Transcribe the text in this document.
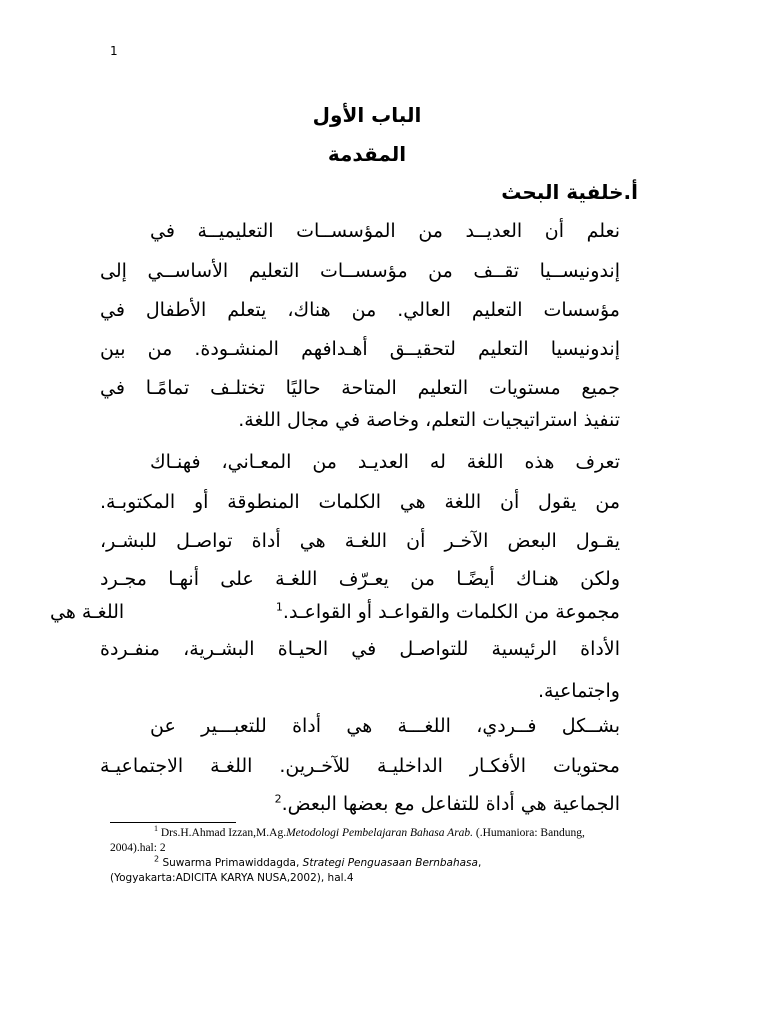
1
الباب الأول
المقدمة
أ.خلفية البحث
نعلم أن العديــد من المؤسســات التعليميــة في
إندونيســيا تقــف من مؤسســات التعليم الأساســي إلى
مؤسسات التعليم العالي. من هناك، يتعلم الأطفال في
إندونيسيا التعليم لتحقيــق أهـدافهم المنشـودة. من بين
جميع مستويات التعليم المتاحة حاليًا تختلـف تمامًـا في
تنفيذ استراتيجيات التعلم، وخاصة في مجال اللغة.
تعرف هذه اللغة له العديـد من المعـاني، فهنـاك
من يقول أن اللغة هي الكلمات المنطوقة أو المكتوبـة.
يقـول البعض الآخـر أن اللغـة هي أداة تواصـل للبشـر،
ولكن هنـاك أيضًـا من يعـرّف اللغـة على أنهـا مجـرد
مجموعة من الكلمات والقواعـد أو القواعـد.$^1$
اللغـة هي
الأداة الرئيسية للتواصـل في الحيـاة البشـرية، منفـردة
واجتماعية.
بشــكل فــردي، اللغـــة هي أداة للتعبـــير عن
محتويات الأفكـار الداخليـة للآخـرين. اللغـة الاجتماعيـة
الجماعية هي أداة للتفاعل مع بعضها البعض.$^2$
$^1$ Drs.H.Ahmad Izzan,M.Ag.Metodologi Pembelajaran Bahasa Arab. (.Humaniora: Bandung, 2004).hal: 2
$^2$ Suwarma Primawiddagda, Strategi Penguasaan Bernbahasa, (Yogyakarta:ADICITA KARYA NUSA,2002), hal.4
